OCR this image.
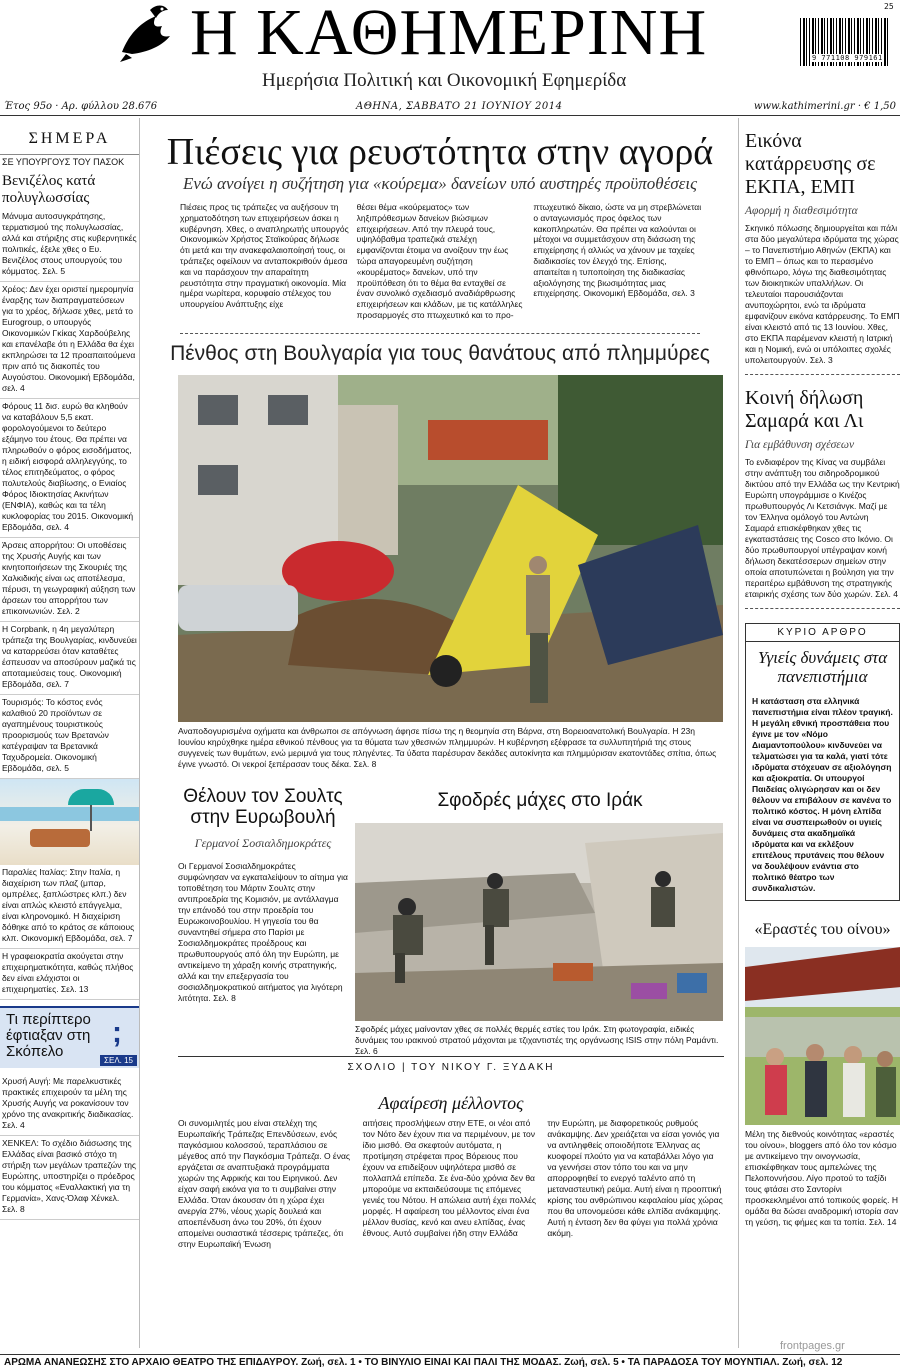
Η ΚΑΘΗΜΕΡΙΝΗ
Ημερήσια Πολιτική και Οικονομική Εφημερίδα
9 771108 979161
25
Έτος 95ο · Αρ. φύλλου 28.676	ΑΘΗΝΑ, ΣΑΒΒΑΤΟ 21 ΙΟΥΝΙΟΥ 2014	www.kathimerini.gr · € 1,50
ΣΗΜΕΡΑ
ΣΕ ΥΠΟΥΡΓΟΥΣ ΤΟΥ ΠΑΣΟΚ
Βενιζέλος κατά πολυγλωσσίας
Μάνυμα αυτοσυγκράτησης, τερματισμού της πολυγλωσσίας, αλλά και στήριξης στις κυβερνητικές πολιτικές, έξελε χθες ο Ευ. Βενιζέλος στους υπουργούς του κόμματος. Σελ. 5
Χρέος: Δεν έχει οριστεί ημερομηνία έναρξης των διαπραγματεύσεων για το χρέος, δήλωσε χθες, μετά το Eurogroup, ο υπουργός Οικονομικών Γκίκας Χαρδούβελης και επανέλαβε ότι η Ελλάδα θα έχει εκπληρώσει τα 12 προαπαιτούμενα πριν από τις διακοπές του Αυγούστου. Οικονομική Εβδομάδα, σελ. 4
Φόρους 11 δισ. ευρώ θα κληθούν να καταβάλουν 5,5 εκατ. φορολογούμενοι το δεύτερο εξάμηνο του έτους. Θα πρέπει να πληρωθούν ο φόρος εισοδήματος, η ειδική εισφορά αλληλεγγύης, το τέλος επιτηδεύματος, ο φόρος πολυτελούς διαβίωσης, ο Ενιαίος Φόρος Ιδιοκτησίας Ακινήτων (ΕΝΦΙΑ), καθώς και τα τέλη κυκλοφορίας του 2015. Οικονομική Εβδομάδα, σελ. 4
Άρσεις απορρήτου: Οι υποθέσεις της Χρυσής Αυγής και των κινητοποιήσεων της Σκουριές της Χαλκιδικής είναι ως αποτέλεσμα, πέρυσι, τη γεωγραφική αύξηση των άρσεων του απορρήτου των επικοινωνιών. Σελ. 2
Η Corpbank, η 4η μεγαλύτερη τράπεζα της Βουλγαρίας, κινδυνεύει να καταρρεύσει όταν καταθέτες έσπευσαν να αποσύρουν μαζικά τις αποταμιεύσεις τους. Οικονομική Εβδομάδα, σελ. 7
Τουρισμός: Το κόστος ενός καλαθιού 20 προϊόντων σε αγαπημένους τουριστικούς προορισμούς των Βρετανών κατέγραψαν τα Βρετανικά Ταχυδρομεία. Οικονομική Εβδομάδα, σελ. 5
Παραλίες Ιταλίας: Στην Ιταλία, η διαχείριση των πλαζ (μπαρ, ομπρέλες, ξαπλώστρες κλπ.) δεν είναι απλώς κλειστό επάγγελμα, είναι κληρονομικό. Η διαχείριση δόθηκε από το κράτος σε κάποιους κλπ. Οικονομική Εβδομάδα, σελ. 7
Η γραφειοκρατία ακούγεται στην επιχειρηματικότητα, καθώς πλήθος δεν είναι ελάχιστοι οι επιχειρηματίες. Σελ. 13
Τι περίπτερο έφτιαξαν στη Σκόπελο
;
ΣΕΛ. 15
Χρυσή Αυγή: Με παρελκυστικές πρακτικές επιχειρούν τα μέλη της Χρυσής Αυγής να ροκανίσουν τον χρόνο της ανακριτικής διαδικασίας. Σελ. 4
ΧΕΝΚΕΛ: Το σχέδιο διάσωσης της Ελλάδας είναι βασικό στόχο τη στήριξη των μεγάλων τραπεζών της Ευρώπης, υποστηρίζει ο πρόεδρος του κόμματος «Εναλλακτική για τη Γερμανία», Χανς-Όλαφ Χένκελ. Σελ. 8
Πιέσεις για ρευστότητα στην αγορά
Ενώ ανοίγει η συζήτηση για «κούρεμα» δανείων υπό αυστηρές προϋποθέσεις

Πιέσεις προς τις τράπεζες να αυξήσουν τη χρηματοδότηση των επιχειρήσεων άσκει η κυβέρνηση. Χθες, ο αναπληρωτής υπουργός Οικονομικών Χρήστος Σταϊκούρας δήλωσε ότι μετά και την ανακεφαλαιοποίησή τους, οι τράπεζες οφείλουν να ανταποκριθούν άμεσα και να παράσχουν την απαραίτητη ρευστότητα στην πραγματική οικονομία. Μία ημέρα νωρίτερα, κορυφαίο στέλεχος του υπουργείου Ανάπτυξης είχε

θέσει θέμα «κούρεματος» των ληξιπρόθεσμων δανείων βιώσιμων επιχειρήσεων. Από την πλευρά τους, υψηλόβαθμα τραπεζικά στελέχη εμφανίζονται έτοιμα να ανοίξουν την έως τώρα απαγορευμένη συζήτηση «κουρέματος» δανείων, υπό την προϋπόθεση ότι το θέμα θα ενταχθεί σε έναν συνολικό σχεδιασμό αναδιάρθρωσης επιχειρήσεων και κλάδων, με τις κατάλληλες προσαρμογές στο πτωχευτικό και το προ-

πτωχευτικό δίκαιο, ώστε να μη στρεβλώνεται ο ανταγωνισμός προς όφελος των κακοπληρωτών. Θα πρέπει να καλούνται οι μέτοχοι να συμμετάσχουν στη διάσωση της επιχείρησης ή αλλιώς να χάνουν με ταχείες διαδικασίες τον έλεγχό της. Επίσης, απαιτείται η τυποποίηση της διαδικασίας αξιολόγησης της βιωσιμότητας μιας επιχείρησης. Οικονομική Εβδομάδα, σελ. 3

Πένθος στη Βουλγαρία για τους θανάτους από πλημμύρες
Αναποδογυρισμένα οχήματα και άνθρωποι σε απόγνωση άφησε πίσω της η θεομηνία στη Βάρνα, στη Βορειοανατολική Βουλγαρία. Η 23η Ιουνίου κηρύχθηκε ημέρα εθνικού πένθους για τα θύματα των χθεσινών πλημμυρών. Η κυβέρνηση εξέφρασε τα συλλυπητήριά της στους συγγενείς των θυμάτων, ενώ μεριμνά για τους πληγέντες. Τα ύδατα παρέσυραν δεκάδες αυτοκίνητα και πλημμύρισαν εκατοντάδες σπίτια, όπως έγινε γνωστό. Οι νεκροί ξεπέρασαν τους δέκα. Σελ. 8
Θέλουν τον Σουλτς στην Ευρωβουλή
Γερμανοί Σοσιαλδημοκράτες

Οι Γερμανοί Σοσιαλδημοκράτες συμφώνησαν να εγκαταλείψουν το αίτημα για τοποθέτηση του Μάρτιν Σουλτς στην αντιπροεδρία της Κομισιόν, με αντάλλαγμα την επάνοδό του στην προεδρία του Ευρωκοινοβουλίου. Η γηγεσία του θα συναντηθεί σήμερα στο Παρίσι με Σοσιαλδημοκράτες προέδρους και πρωθυπουργούς από όλη την Ευρώπη, με αντικείμενο τη χάραξη κοινής στρατηγικής, αλλά και την επεξεργασία του σοσιαλδημοκρατικού αιτήματος για λιγότερη λιτότητα. Σελ. 8

Σφοδρές μάχες στο Ιράκ
Σφοδρές μάχες μαίνονταν χθες σε πολλές θερμές εστίες του Ιράκ. Στη φωτογραφία, ειδικές δυνάμεις του ιρακινού στρατού μάχονται με τζιχαντιστές της οργάνωσης ISIS στην πόλη Ραμάντι. Σελ. 6
ΣΧΟΛΙΟ | ΤΟΥ ΝΙΚΟΥ Γ. ΞΥΔΑΚΗ
Αφαίρεση μέλλοντος

Οι συνομιλητές μου είναι στελέχη της Ευρωπαϊκής Τράπεζας Επενδύσεων, ενός παγκόσμιου κολοσσού, τεραπλάσιου σε μέγεθος από την Παγκόσμια Τράπεζα. Ο ένας εργάζεται σε αναπτυξιακά προγράμματα χωρών της Αφρικής και του Ειρηνικού. Δεν είχαν σαφή εικόνα για το τι συμβαίνει στην Ελλάδα. Όταν άκουσαν ότι η χώρα έχει ανεργία 27%, νέους χωρίς δουλειά και αποεπένδυση άνω του 20%, ότι έχουν απομείνει ουσιαστικά τέσσερις τράπεζες, ότι στην Ευρωπαϊκή Ένωση

αιτήσεις προσλήψεων στην ΕΤΕ, οι νέοι από τον Νότο δεν έχουν πια να περιμένουν, με τον ίδιο μισθό. Θα σκεφτούν αυτόματα, η προτίμηση στρέφεται προς Βόρειους που έχουν να επιδείξουν υψηλότερα μισθό σε πολλαπλά επίπεδα. Σε ένα-δύο χρόνια δεν θα μπορούμε να εκπαιδεύσουμε τις επόμενες γενιές του Νότου. Η απώλεια αυτή έχει πολλές μορφές. Η αφαίρεση του μέλλοντος είναι ένα μέλλον θυσίας, κενό και ανευ ελπίδας, ένας έθνους. Αυτό συμβαίνει ήδη στην Ελλάδα

την Ευρώπη, με διαφορετικούς ρυθμούς ανάκαμψης. Δεν χρειάζεται να είσαι γονιός για να αντιληφθείς οποιοδήποτε Έλληνας ας κυοφορεί πλούτο για να καταβάλλει λόγο για να γεννήσει στον τόπο του και να μην απορροφηθεί το ενεργό ταλέντο από τη μεταναστευτική ρεύμα. Αυτή είναι η προοπτική κρίσης του ανθρώπινου κεφαλαίου μίας χώρας που θα υπονομεύσει κάθε ελπίδα ανάκαμψης. Αυτή η ένταση δεν θα φύγει για πολλά χρόνια ακόμη.

Εικόνα κατάρρευσης σε ΕΚΠΑ, ΕΜΠ
Αφορμή η διαθεσιμότητα
Σκηνικό πόλωσης δημιουργείται και πάλι στα δύο μεγαλύτερα ιδρύματα της χώρας – το Πανεπιστήμιο Αθηνών (ΕΚΠΑ) και το ΕΜΠ – όπως και το περασμένο φθινόπωρο, λόγω της διαθεσιμότητας των διοικητικών υπαλλήλων. Οι τελευταίοι παρουσιάζονται ανυποχώρητοι, ενώ τα ιδρύματα εμφανίζουν εικόνα κατάρρευσης. Το ΕΜΠ είναι κλειστό από τις 13 Ιουνίου. Χθες, στο ΕΚΠΑ παρέμεναν κλειστή η Ιατρική και η Νομική, ενώ οι υπόλοιπες σχολές υπολειτουργούν. Σελ. 3
Κοινή δήλωση Σαμαρά και Λι
Για εμβάθυνση σχέσεων
Το ενδιαφέρον της Κίνας να συμβάλει στην ανάπτυξη του σιδηροδρομικού δικτύου από την Ελλάδα ως την Κεντρική Ευρώπη υπογράμμισε ο Κινέζος πρωθυπουργός Λι Κετσιάνγκ. Μαζί με τον Έλληνα ομόλογό του Αντώνη Σαμαρά επισκέφθηκαν χθες τις εγκαταστάσεις της Cosco στο Ικόνιο. Οι δύο πρωθυπουργοί υπέγραψαν κοινή δήλωση δεκατέσσερων σημείων στην οποία αποτυπώνεται η βούληση για την περαιτέρω εμβάθυνση της στρατηγικής εταιρικής σχέσης των δύο χωρών. Σελ. 4
ΚΥΡΙΟ ΑΡΘΡΟ
Υγιείς δυνάμεις στα πανεπιστήμια
Η κατάσταση στα ελληνικά πανεπιστήμια είναι πλέον τραγική. Η μεγάλη εθνική προσπάθεια που έγινε με τον «Νόμο Διαμαντοπούλου» κινδυνεύει να τελματώσει για τα καλά, γιατί τότε ιδρύματα στόχευαν σε αξιολόγηση και αξιοκρατία. Οι υπουργοί Παιδείας ολιγώρησαν και οι δεν θέλουν να επιβάλουν σε κανένα το πολιτικό κόστος. Η μόνη ελπίδα είναι να συσπειρωθούν οι υγιείς δυνάμεις στα ακαδημαϊκά ιδρύματα και να εκλέξουν επιτέλους πρυτάνεις που θέλουν να δουλέψουν ενάντια στο πολιτικό θέατρο των συνδικαλιστών.
«Εραστές του οίνου»
Μέλη της διεθνούς κοινότητας «εραστές του οίνου», bloggers από όλο τον κόσμο με αντικείμενο την οινογνωσία, επισκέφθηκαν τους αμπελώνες της Πελοποννήσου. Λίγο προτού το ταξίδι τους φτάσει στο Σαντορίνι προσκεκλημένοι από τοπικούς φορείς. Η ομάδα θα δώσει αναδρομική ιστορία σαν τη γεύση, τις φήμες και τα τοπία. Σελ. 14
ΑΡΩΜΑ ΑΝΑΝΕΩΣΗΣ ΣΤΟ ΑΡΧΑΙΟ ΘΕΑΤΡΟ ΤΗΣ ΕΠΙΔΑΥΡΟΥ. Ζωή, σελ. 1 • ΤΟ ΒΙΝΥΛΙΟ ΕΙΝΑΙ ΚΑΙ ΠΑΛΙ ΤΗΣ ΜΟΔΑΣ. Ζωή, σελ. 5 • ΤΑ ΠΑΡΑΔΟΣΑ ΤΟΥ ΜΟΥΝΤΙΑΛ. Ζωή, σελ. 12
frontpages.gr
